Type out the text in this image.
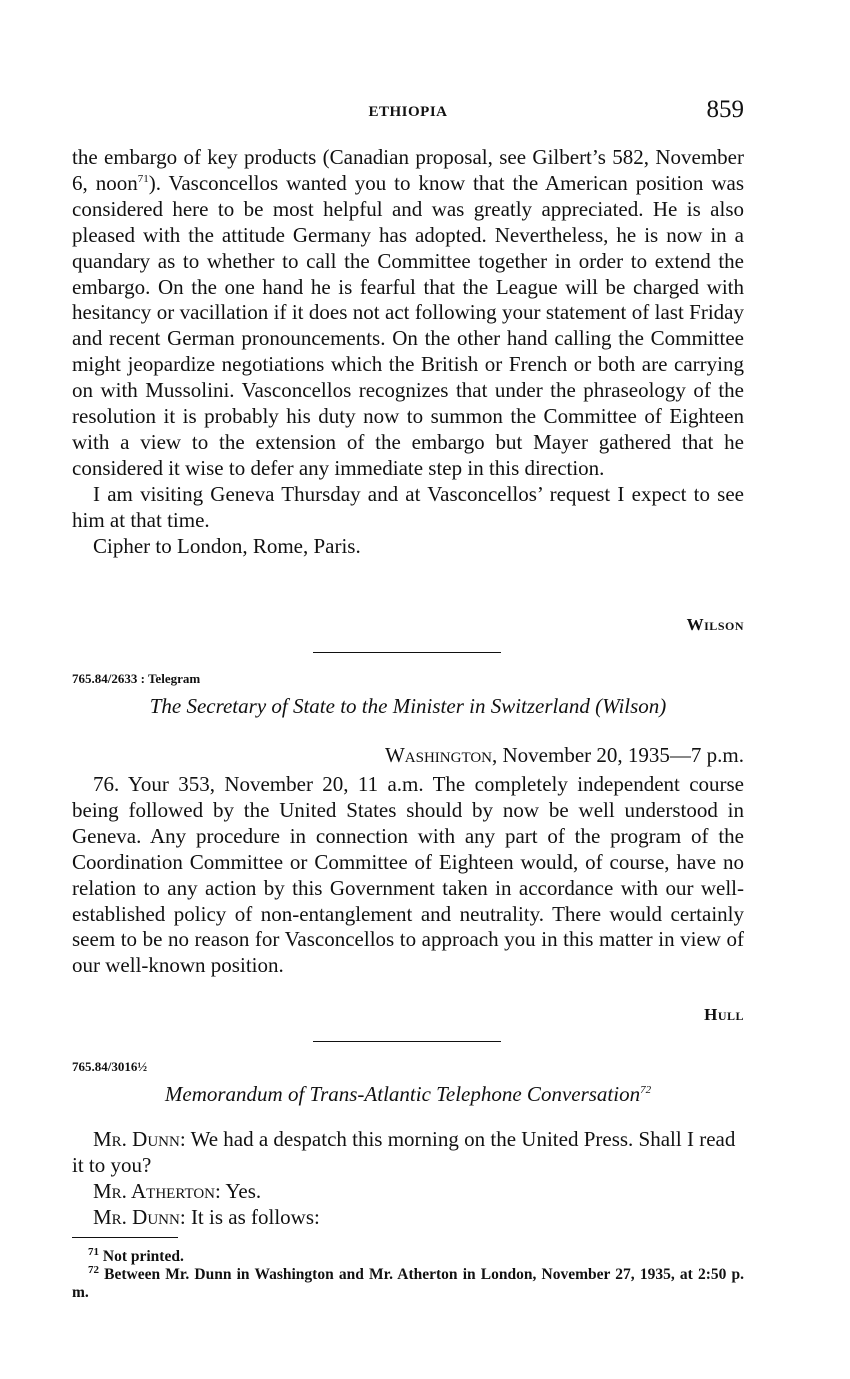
ETHIOPIA	859

the embargo of key products (Canadian proposal, see Gilbert’s 582, November 6, noon$^{71}$). Vasconcellos wanted you to know that the American position was considered here to be most helpful and was greatly appreciated. He is also pleased with the attitude Germany has adopted. Nevertheless, he is now in a quandary as to whether to call the Committee together in order to extend the embargo. On the one hand he is fearful that the League will be charged with hesitancy or vacillation if it does not act following your statement of last Friday and recent German pronouncements. On the other hand calling the Committee might jeopardize negotiations which the British or French or both are carrying on with Mussolini. Vasconcellos recognizes that under the phraseology of the resolution it is probably his duty now to summon the Committee of Eighteen with a view to the extension of the embargo but Mayer gathered that he considered it wise to defer any immediate step in this direction.

I am visiting Geneva Thursday and at Vasconcellos’ request I expect to see him at that time.

Cipher to London, Rome, Paris.

Wilson
765.84/2633 : Telegram
The Secretary of State to the Minister in Switzerland (Wilson)
Washington, November 20, 1935—7 p.m.

76. Your 353, November 20, 11 a.m. The completely independent course being followed by the United States should by now be well understood in Geneva. Any procedure in connection with any part of the program of the Coordination Committee or Committee of Eighteen would, of course, have no relation to any action by this Government taken in accordance with our well-established policy of non-entanglement and neutrality. There would certainly seem to be no reason for Vasconcellos to approach you in this matter in view of our well-known position.

Hull
765.84/3016½
Memorandum of Trans-Atlantic Telephone Conversation$^{72}$

Mr. Dunn: We had a despatch this morning on the United Press. Shall I read it to you?

Mr. Atherton: Yes.

Mr. Dunn: It is as follows:

$^{71}$ Not printed.

$^{72}$ Between Mr. Dunn in Washington and Mr. Atherton in London, November 27, 1935, at 2:50 p. m.
